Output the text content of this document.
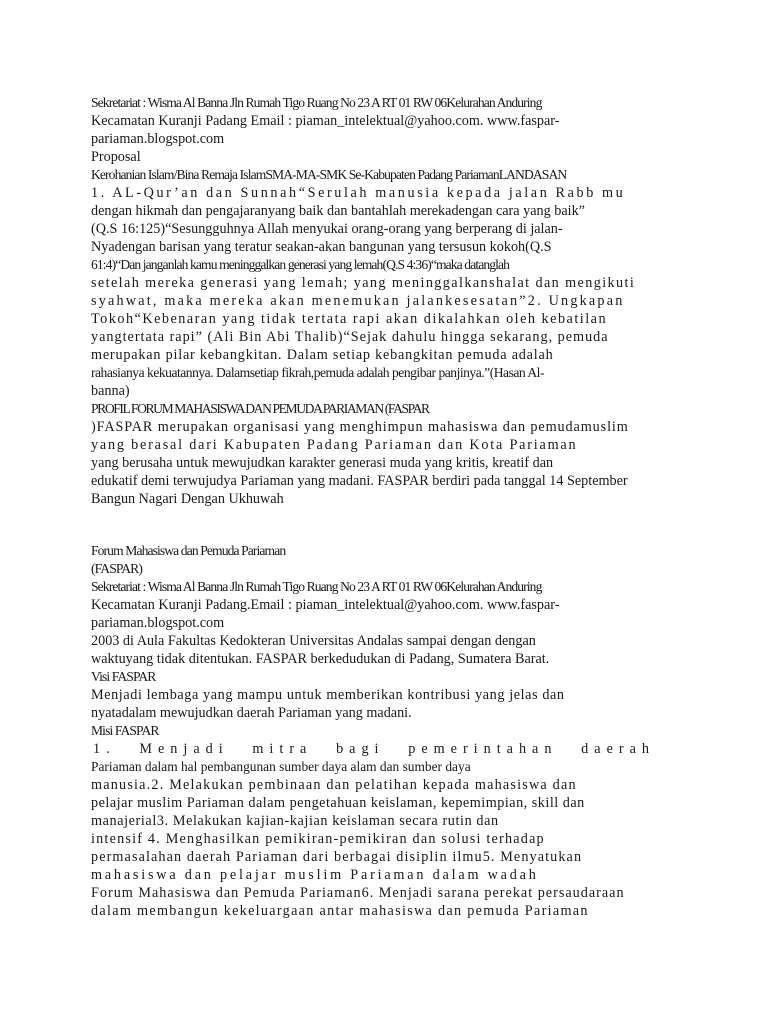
Sekretariat : Wisma Al Banna Jln Rumah Tigo Ruang No 23 A RT 01 RW 06Kelurahan Anduring
Kecamatan Kuranji Padang Email : piaman_intelektual@yahoo.com. www.faspar-
pariaman.blogspot.com
Proposal
Kerohanian Islam/Bina Remaja IslamSMA-MA-SMK Se-Kabupaten Padang PariamanLANDASAN
1. AL-Qur’an dan Sunnah“Serulah manusia kepada jalan Rabb mu
dengan hikmah dan pengajaranyang baik dan bantahlah merekadengan cara yang baik”
(Q.S 16:125)“Sesungguhnya Allah menyukai orang-orang yang berperang di jalan-
Nyadengan barisan yang teratur seakan-akan bangunan yang tersusun kokoh(Q.S
61:4)“Dan janganlah kamu meninggalkan generasi yang lemah(Q.S 4:36)“maka datanglah
setelah mereka generasi yang lemah; yang meninggalkanshalat dan mengikuti
syahwat, maka mereka akan menemukan jalankesesatan”2. Ungkapan
Tokoh“Kebenaran yang tidak tertata rapi akan dikalahkan oleh kebatilan
yangtertata rapi” (Ali Bin Abi Thalib)“Sejak dahulu hingga sekarang, pemuda
merupakan pilar kebangkitan. Dalam setiap kebangkitan pemuda adalah
rahasianya kekuatannya. Dalamsetiap fikrah,pemuda adalah pengibar panjinya.”(Hasan Al-
banna)
PROFIL FORUM MAHASISWA DAN PEMUDA PARIAMAN (FASPAR
)FASPAR merupakan organisasi yang menghimpun mahasiswa dan pemudamuslim
yang berasal dari Kabupaten Padang Pariaman dan Kota Pariaman
yang berusaha untuk mewujudkan karakter generasi muda yang kritis, kreatif dan
edukatif demi terwujudya Pariaman yang madani. FASPAR berdiri pada tanggal 14 September
Bangun Nagari Dengan Ukhuwah
Forum Mahasiswa dan Pemuda Pariaman
(FASPAR)
Sekretariat : Wisma Al Banna Jln Rumah Tigo Ruang No 23 A RT 01 RW 06Kelurahan Anduring
Kecamatan Kuranji Padang.Email : piaman_intelektual@yahoo.com. www.faspar-
pariaman.blogspot.com
2003 di Aula Fakultas Kedokteran Universitas Andalas sampai dengan dengan
waktuyang tidak ditentukan. FASPAR berkedudukan di Padang, Sumatera Barat.
Visi FASPAR
Menjadi lembaga yang mampu untuk memberikan kontribusi yang jelas dan
nyatadalam mewujudkan daerah Pariaman yang madani.
Misi FASPAR
1. Menjadi mitra bagi pemerintahan daerah
Pariaman dalam hal pembangunan sumber daya alam dan sumber daya
manusia.2. Melakukan pembinaan dan pelatihan kepada mahasiswa dan
pelajar muslim Pariaman dalam pengetahuan keislaman, kepemimpian, skill dan
manajerial3. Melakukan kajian-kajian keislaman secara rutin dan
intensif 4. Menghasilkan pemikiran-pemikiran dan solusi terhadap
permasalahan daerah Pariaman dari berbagai disiplin ilmu5. Menyatukan
mahasiswa dan pelajar muslim Pariaman dalam wadah
Forum Mahasiswa dan Pemuda Pariaman6. Menjadi sarana perekat persaudaraan
dalam membangun kekeluargaan antar mahasiswa dan pemuda Pariaman
